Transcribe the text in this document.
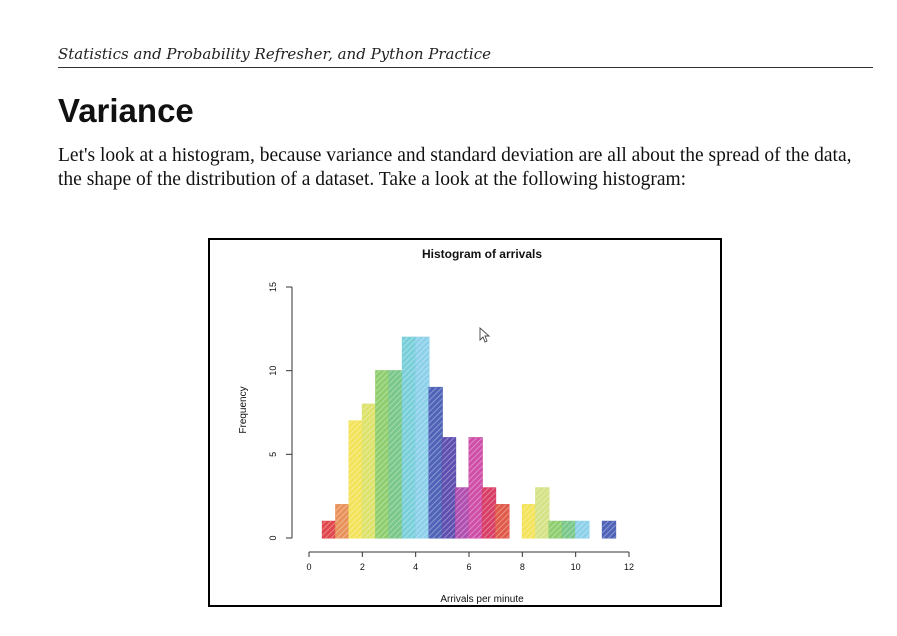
Statistics and Probability Refresher, and Python Practice
Variance
Let's look at a histogram, because variance and standard deviation are all about the spread of the data, the shape of the distribution of a dataset. Take a look at the following histogram:
Histogram of arrivals
Arrivals per minute
Frequency
0
5
10
15
0	2	4	6	8	10	12
